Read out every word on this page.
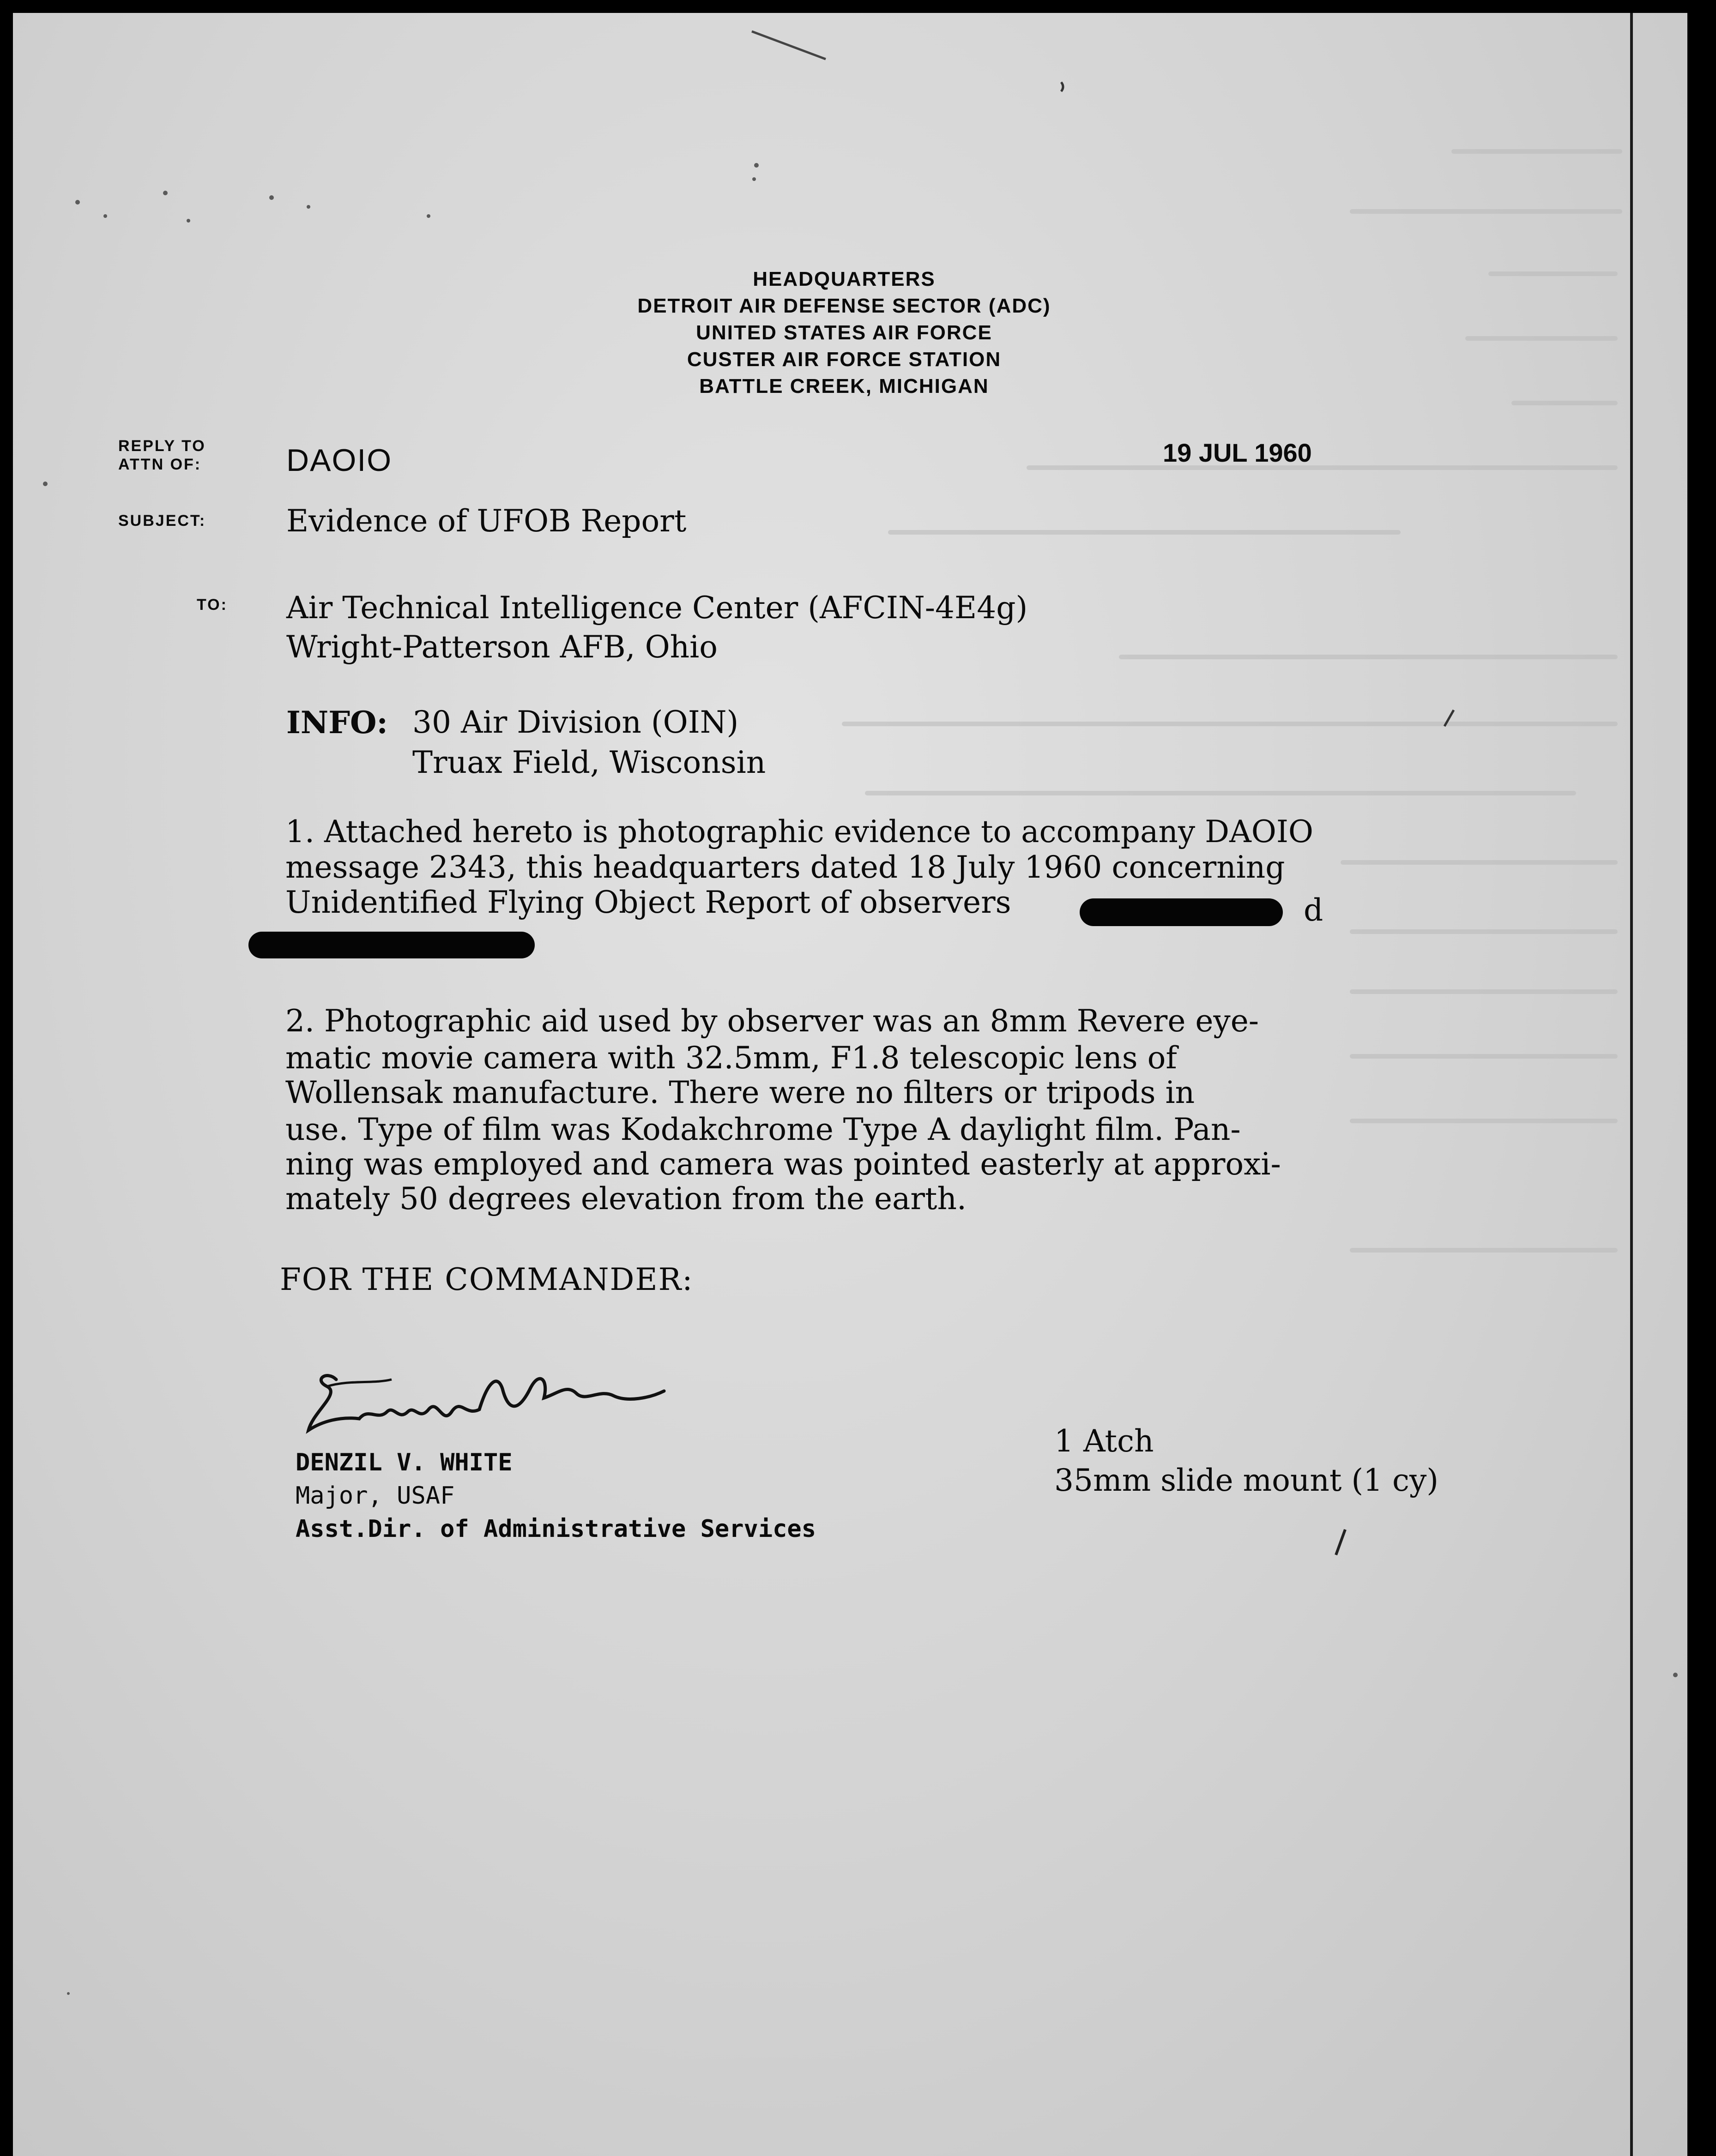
HEADQUARTERS
DETROIT AIR DEFENSE SECTOR (ADC)
UNITED STATES AIR FORCE
CUSTER AIR FORCE STATION
BATTLE CREEK, MICHIGAN
REPLY TO
ATTN OF:	DAOIO	19 JUL 1960
SUBJECT:	Evidence of UFOB Report
TO: Air Technical Intelligence Center (AFCIN-4E4g)
Wright-Patterson AFB, Ohio
INFO: 30 Air Division (OIN)
Truax Field, Wisconsin
1. Attached hereto is photographic evidence to accompany DAOIO
message 2343, this headquarters dated 18 July 1960 concerning
Unidentified Flying Object Report of observers	d
2. Photographic aid used by observer was an 8mm Revere eye-
matic movie camera with 32.5mm, F1.8 telescopic lens of
Wollensak manufacture. There were no filters or tripods in
use. Type of film was Kodakchrome Type A daylight film. Pan-
ning was employed and camera was pointed easterly at approxi-
mately 50 degrees elevation from the earth.
FOR THE COMMANDER:
DENZIL V. WHITE
Major, USAF
Asst.Dir. of Administrative Services
1 Atch
35mm slide mount (1 cy)
